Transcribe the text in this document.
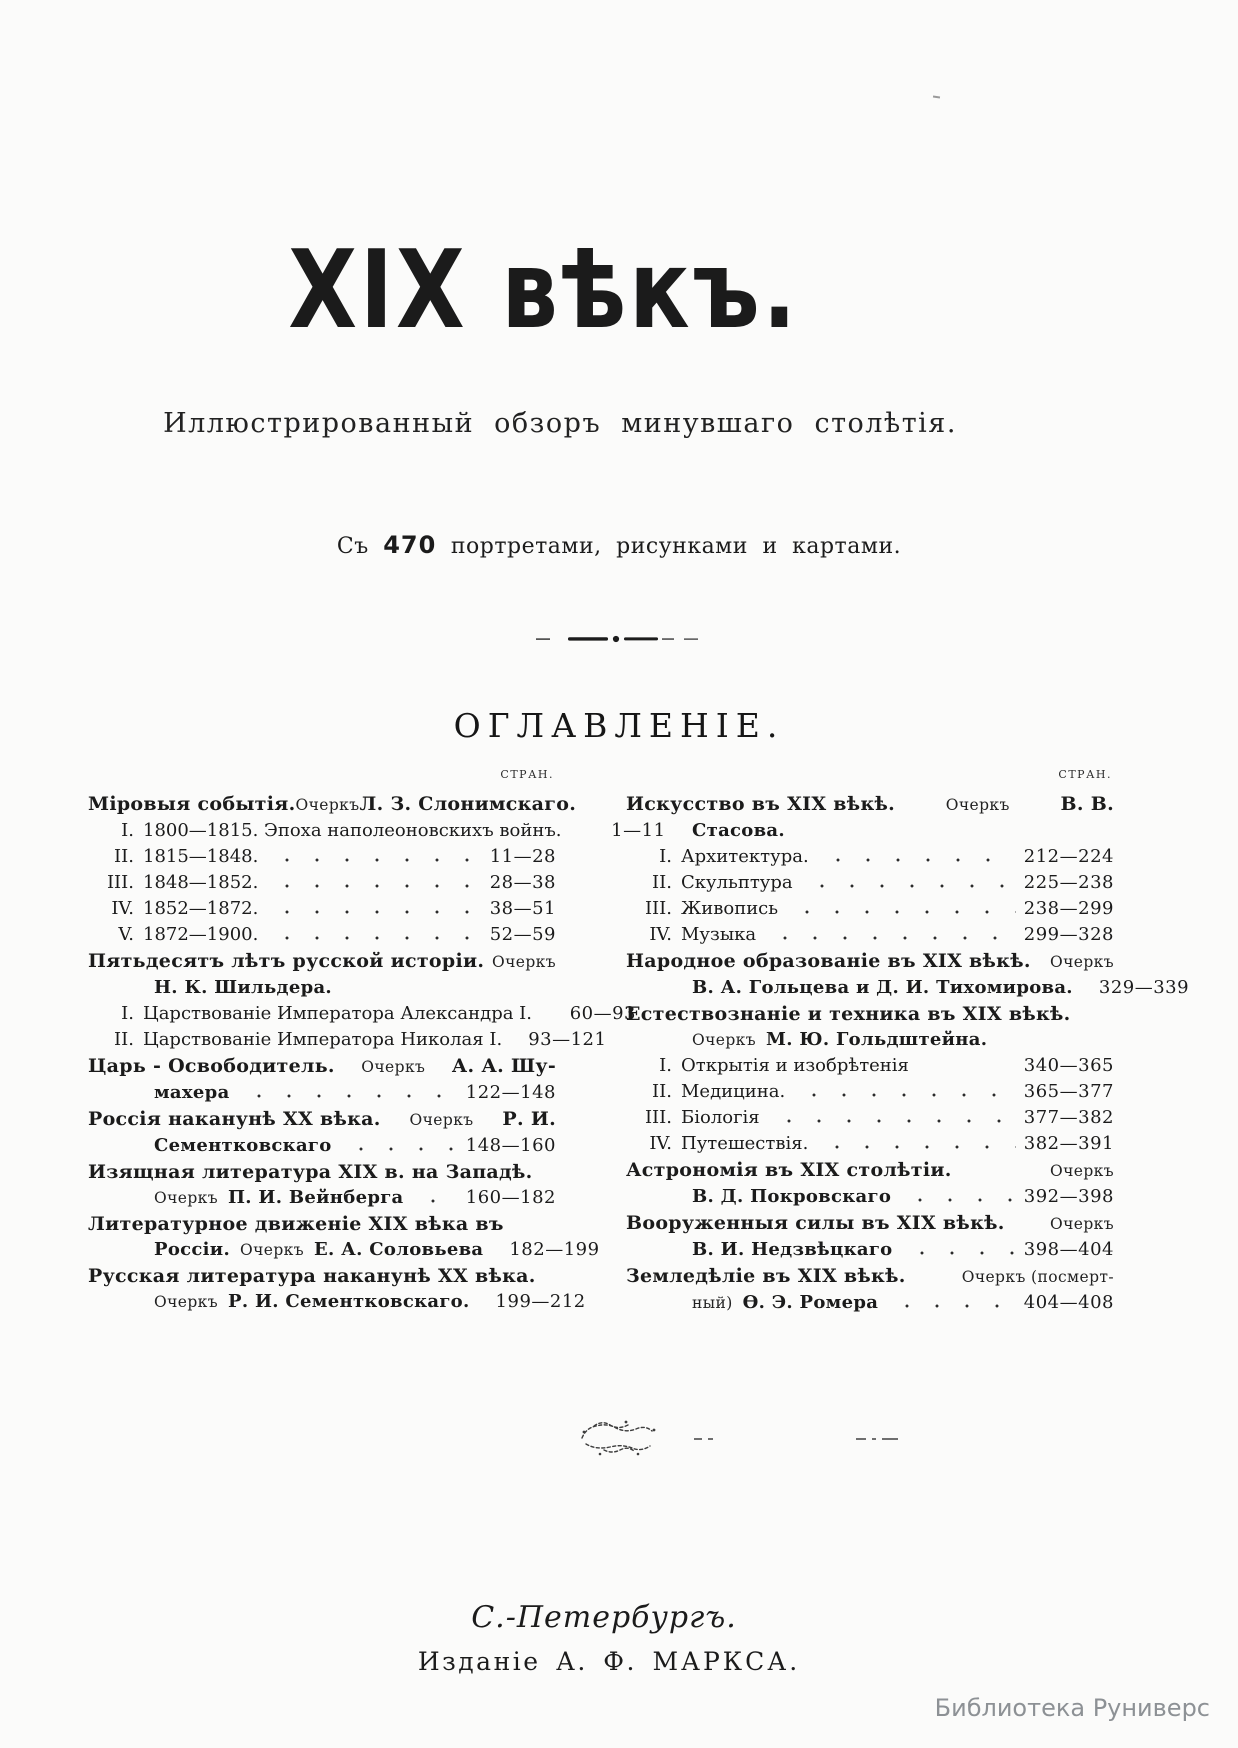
XIX вѣкъ.
Иллюстрированный обзоръ минувшаго столѣтія.
Съ 470 портретами, рисунками и картами.
ОГЛАВЛЕНІЕ.
СТРАН.
Міровыя событія. Очеркъ Л. З. Слонимскаго.
I. 1800—1815. Эпоха наполеоновскихъ войнъ.	1—11
II. 1815—1848.	11—28
III. 1848—1852.	28—38
IV. 1852—1872.	38—51
V. 1872—1900.	52—59
Пятьдесятъ лѣтъ русской исторіи. Очеркъ
Н. К. Шильдера.
I. Царствованіе Императора Александра I.	60—93
II. Царствованіе Императора Николая I. 93—121
Царь - Освободитель. Очеркъ А. А. Шу-
махера	122—148
Россія наканунѣ XX вѣка. Очеркъ Р. И.
Сементковскаго	148—160
Изящная литература XIX в. на Западѣ.
Очеркъ П. И. Вейнберга	160—182
Литературное движеніе XIX вѣка въ
Россіи. Очеркъ Е. А. Соловьева 182—199
Русская литература наканунѣ XX вѣка.
Очеркъ Р. И. Сементковскаго. 199—212
СТРАН.
Искусство въ XIX вѣкѣ.	Очеркъ	В. В.
Стасова.
I. Архитектура.	212—224
II. Скульптура	225—238
III. Живопись	238—299
IV. Музыка	299—328
Народное образованіе въ XIX вѣкѣ. Очеркъ
В. А. Гольцева и Д. И. Тихомирова. 329—339
Естествознаніе и техника въ XIX вѣкѣ.
Очеркъ М. Ю. Гольдштейна.
I. Открытія и изобрѣтенія	340—365
II. Медицина.	365—377
III. Біологія	377—382
IV. Путешествія.	382—391
Астрономія въ XIX столѣтіи.	Очеркъ
В. Д. Покровскаго	392—398
Вооруженныя силы въ XIX вѣкѣ.	Очеркъ
В. И. Недзвѣцкаго	398—404
Земледѣліе въ XIX вѣкѣ.	Очеркъ (посмерт-
ный) Ѳ. Э. Ромера	404—408
С.-Петербургъ.
Изданіе А. Ф. МАРКСА.
Библиотека Руниверс
